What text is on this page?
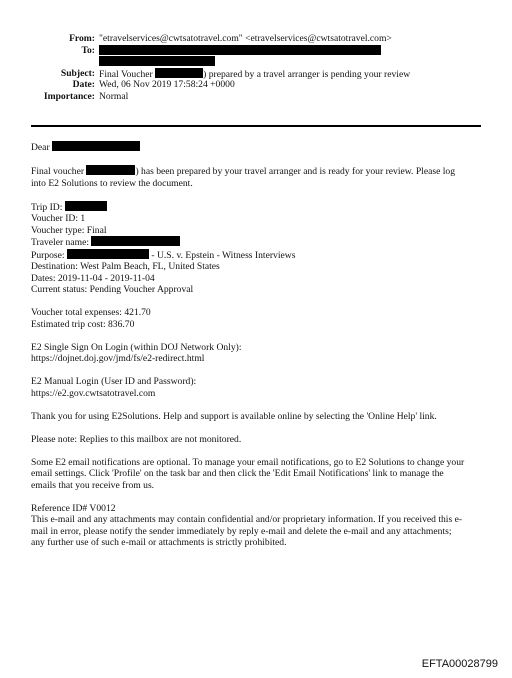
From: "etravelservices@cwtsatotravel.com" <etravelservices@cwtsatotravel.com>
To:
Subject: Final Voucher	) prepared by a travel arranger is pending your review
Date: Wed, 06 Nov 2019 17:58:24 +0000
Importance: Normal
Dear
Final voucher	) has been prepared by your travel arranger and is ready for your review. Please log
into E2 Solutions to review the document.
Trip ID:
Voucher ID: 1
Voucher type: Final
Traveler name:
Purpose:	- U.S. v. Epstein - Witness Interviews
Destination: West Palm Beach, FL, United States
Dates: 2019-11-04 - 2019-11-04
Current status: Pending Voucher Approval
Voucher total expenses: 421.70
Estimated trip cost: 836.70
E2 Single Sign On Login (within DOJ Network Only):
https://dojnet.doj.gov/jmd/fs/e2-redirect.html
E2 Manual Login (User ID and Password):
https://e2.gov.cwtsatotravel.com
Thank you for using E2Solutions. Help and support is available online by selecting the 'Online Help' link.
Please note: Replies to this mailbox are not monitored.
Some E2 email notifications are optional. To manage your email notifications, go to E2 Solutions to change your
email settings. Click 'Profile' on the task bar and then click the 'Edit Email Notifications' link to manage the
emails that you receive from us.
Reference ID# V0012
This e-mail and any attachments may contain confidential and/or proprietary information. If you received this e-
mail in error, please notify the sender immediately by reply e-mail and delete the e-mail and any attachments;
any further use of such e-mail or attachments is strictly prohibited.
EFTA00028799
